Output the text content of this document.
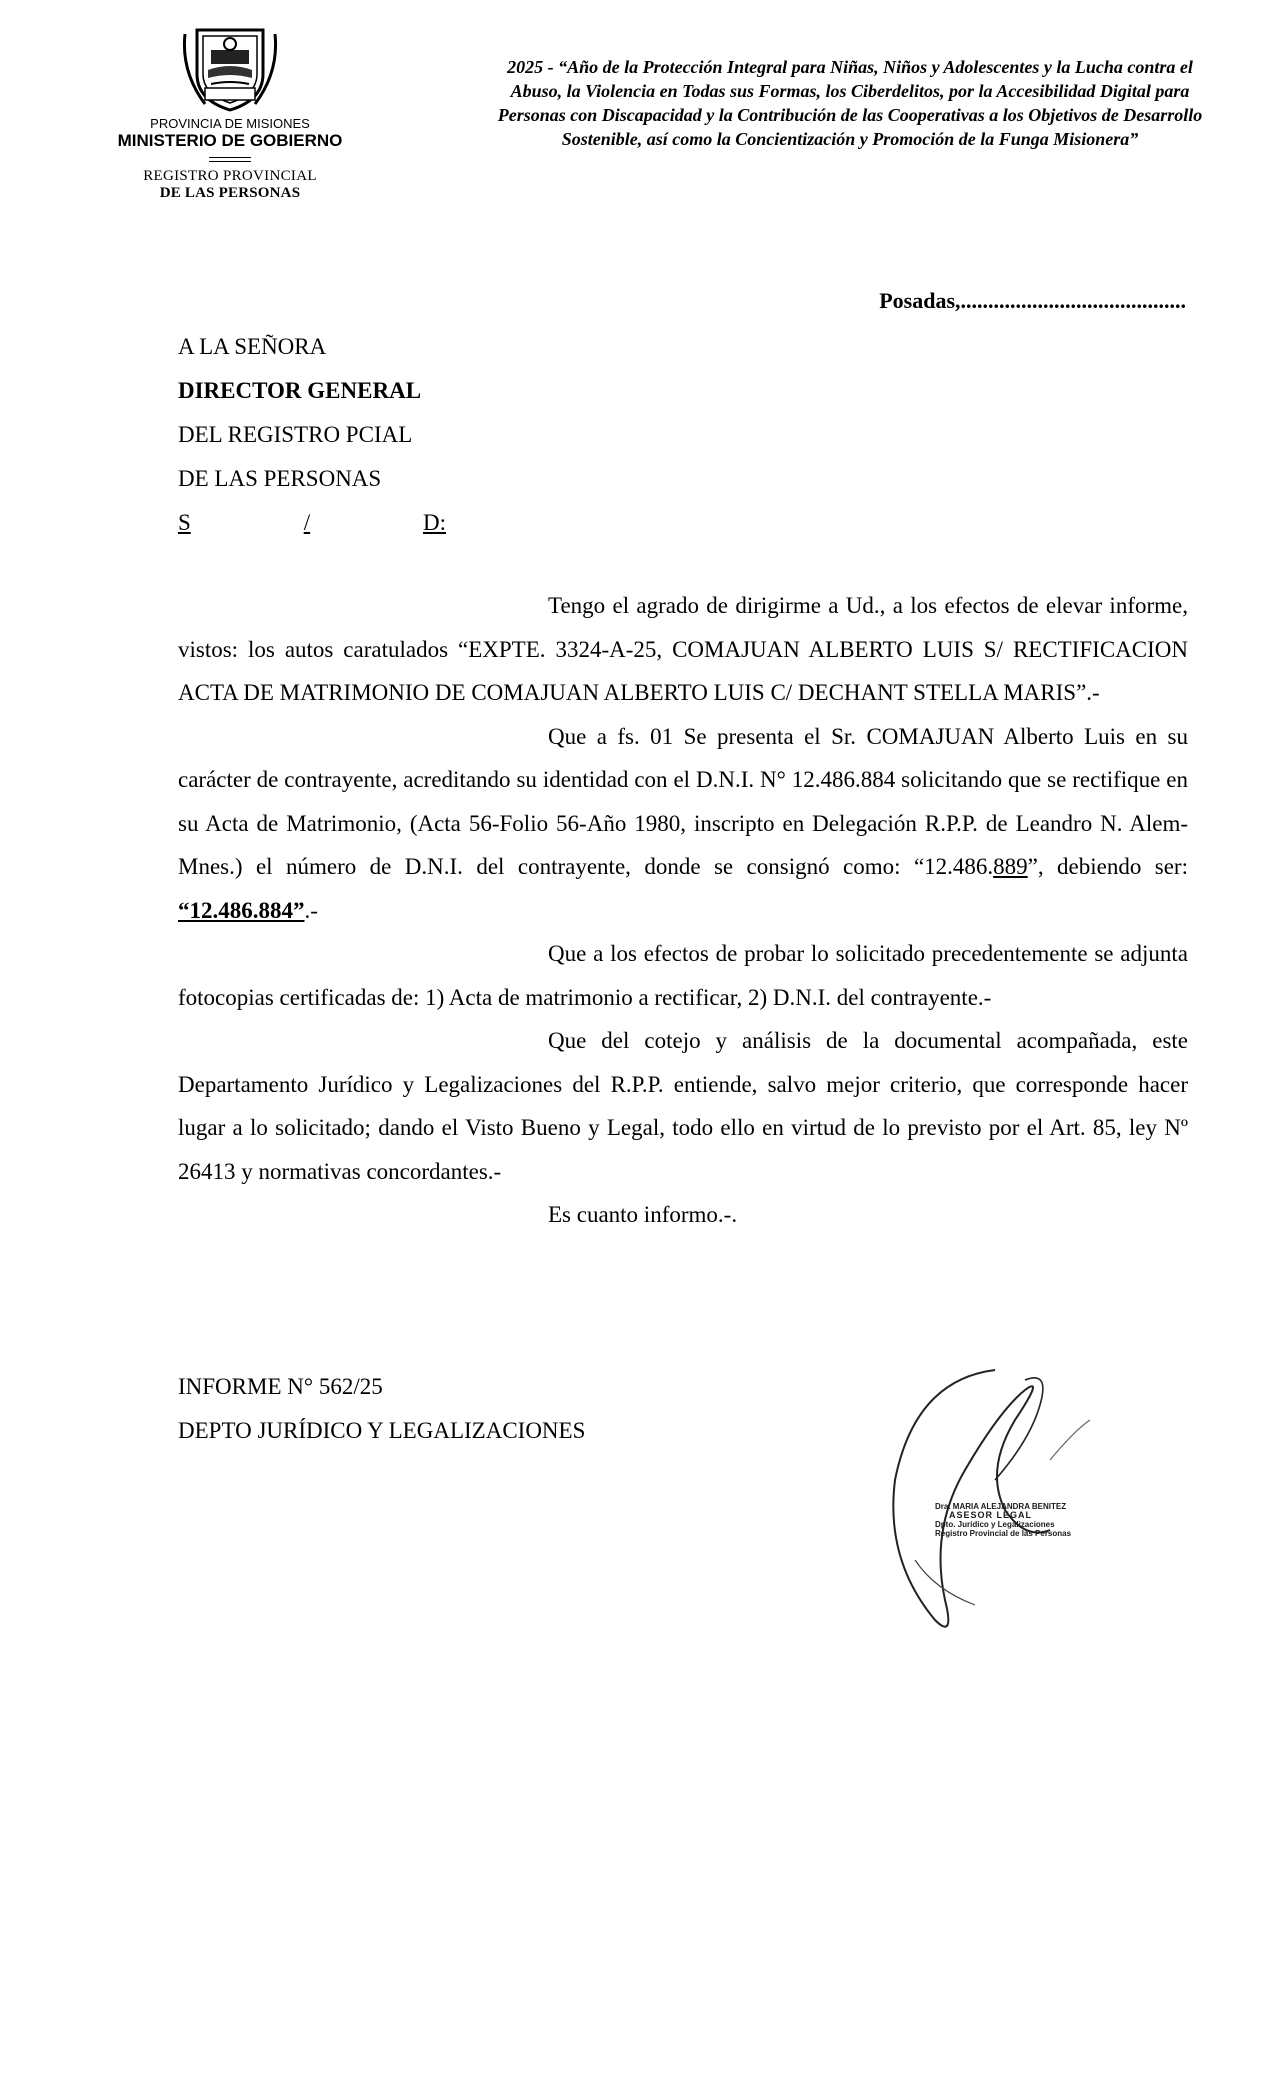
PROVINCIA DE MISIONES
MINISTERIO DE GOBIERNO
REGISTRO PROVINCIAL
DE LAS PERSONAS
2025 - “Año de la Protección Integral para Niñas, Niños y Adolescentes y la Lucha contra el Abuso, la Violencia en Todas sus Formas, los Ciberdelitos, por la Accesibilidad Digital para Personas con Discapacidad y la Contribución de las Cooperativas a los Objetivos de Desarrollo Sostenible, así como la Concientización y Promoción de la Funga Misionera”
Posadas,.........................................
A LA SEÑORA
DIRECTOR GENERAL
DEL REGISTRO PCIAL
DE LAS PERSONAS
S	/	D:

Tengo el agrado de dirigirme a Ud., a los efectos de elevar informe, vistos: los autos caratulados “EXPTE. 3324-A-25, COMAJUAN ALBERTO LUIS S/ RECTIFICACION ACTA DE MATRIMONIO DE COMAJUAN ALBERTO LUIS C/ DECHANT STELLA MARIS”.-

Que a fs. 01 Se presenta el Sr. COMAJUAN Alberto Luis en su carácter de contrayente, acreditando su identidad con el D.N.I. N° 12.486.884 solicitando que se rectifique en su Acta de Matrimonio, (Acta 56-Folio 56-Año 1980, inscripto en Delegación R.P.P. de Leandro N. Alem-Mnes.) el número de D.N.I. del contrayente, donde se consignó como: “12.486.889”, debiendo ser: “12.486.884”.-

Que a los efectos de probar lo solicitado precedentemente se adjunta fotocopias certificadas de: 1) Acta de matrimonio a rectificar, 2) D.N.I. del contrayente.-

Que del cotejo y análisis de la documental acompañada, este Departamento Jurídico y Legalizaciones del R.P.P. entiende, salvo mejor criterio, que corresponde hacer lugar a lo solicitado; dando el Visto Bueno y Legal, todo ello en virtud de lo previsto por el Art. 85, ley Nº 26413 y normativas concordantes.-

Es cuanto informo.-.

INFORME N° 562/25
DEPTO JURÍDICO Y LEGALIZACIONES
Dra. MARIA ALEJANDRA BENITEZ
ASESOR LEGAL
Dpto. Jurídico y Legalizaciones
Registro Provincial de las Personas
